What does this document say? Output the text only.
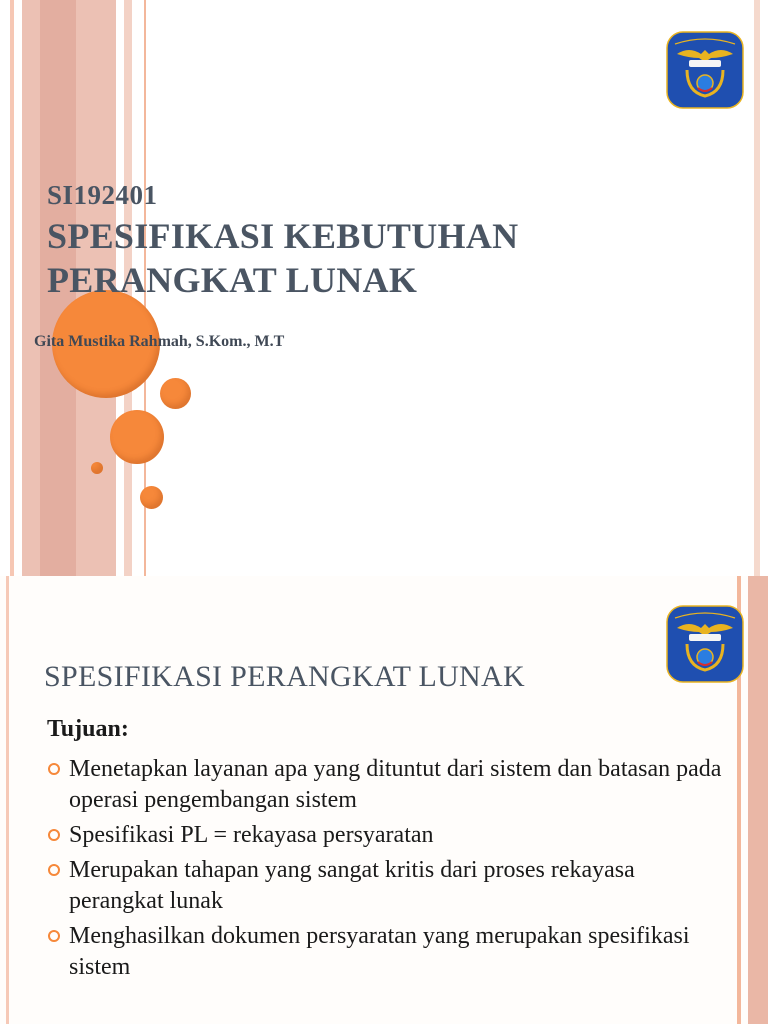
SI192401
SPESIFIKASI KEBUTUHAN
PERANGKAT LUNAK
Gita Mustika Rahmah, S.Kom., M.T
SPESIFIKASI PERANGKAT LUNAK
Tujuan:
Menetapkan layanan apa yang dituntut dari sistem dan batasan pada operasi pengembangan sistem
Spesifikasi PL = rekayasa persyaratan
Merupakan tahapan yang sangat kritis dari proses rekayasa perangkat lunak
Menghasilkan dokumen persyaratan yang merupakan spesifikasi sistem
